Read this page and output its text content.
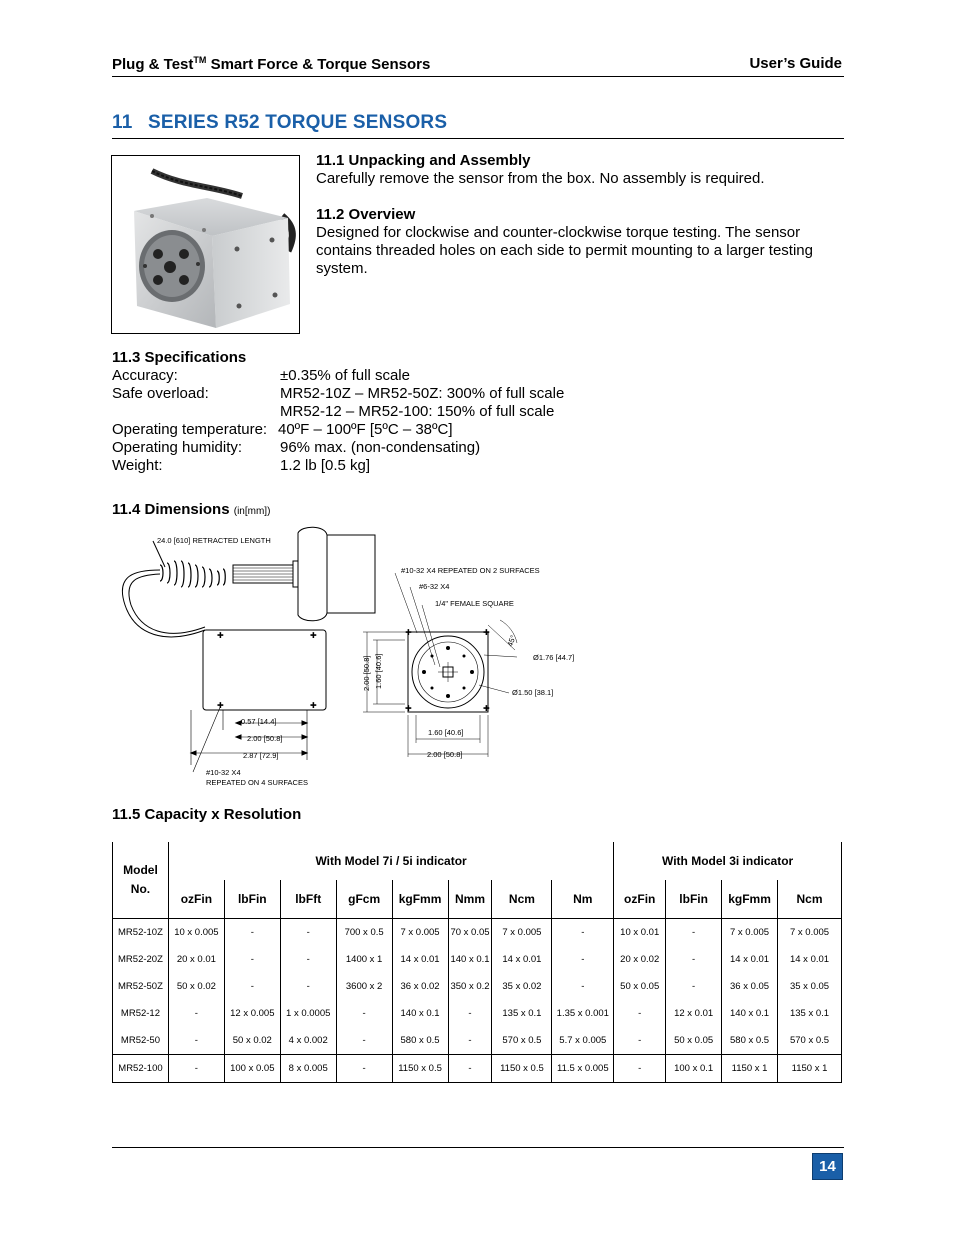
Plug & Test™ Smart Force & Torque Sensors	User’s Guide
11 SERIES R52 TORQUE SENSORS
11.1 Unpacking and Assembly
Carefully remove the sensor from the box. No assembly is required.
11.2 Overview
Designed for clockwise and counter-clockwise torque testing. The sensor contains threaded holes on each side to permit mounting to a larger testing system.
11.3 Specifications
Accuracy:	±0.35% of full scale
Safe overload:	MR52-10Z – MR52-50Z: 300% of full scale
MR52-12 – MR52-100: 150% of full scale
Operating temperature: 40ºF – 100ºF [5ºC – 38ºC]
Operating humidity:	96% max. (non-condensating)
Weight:	1.2 lb [0.5 kg]
11.4 Dimensions (in[mm])
✚	✚
✚	✚
✚	✚
✚	✚
24.0 [610] RETRACTED LENGTH
#10-32 X4 REPEATED ON 2 SURFACES
#6-32 X4
1/4" FEMALE SQUARE
45°
Ø1.76 [44.7]
Ø1.50 [38.1]
2.00 [50.8] 1.60 [40.6]
1.60 [40.6]
2.00 [50.8]
0.57 [14.4]
2.00 [50.8]
2.87 [72.9]
#10-32 X4
REPEATED ON 4 SURFACES
11.5 Capacity x Resolution
Model
No.	With Model 7i / 5i indicator								With Model 3i indicator			
	ozFin	lbFin	lbFft	gFcm	kgFmm	Nmm	Ncm	Nm	ozFin	lbFin	kgFmm	Ncm
MR52-10Z	10 x 0.005	-	-	700 x 0.5	7 x 0.005	70 x 0.05	7 x 0.005	-	10 x 0.01	-	7 x 0.005	7 x 0.005
MR52-20Z	20 x 0.01	-	-	1400 x 1	14 x 0.01	140 x 0.1	14 x 0.01	-	20 x 0.02	-	14 x 0.01	14 x 0.01
MR52-50Z	50 x 0.02	-	-	3600 x 2	36 x 0.02	350 x 0.2	35 x 0.02	-	50 x 0.05	-	36 x 0.05	35 x 0.05
MR52-12	-	12 x 0.005	1 x 0.0005	-	140 x 0.1	-	135 x 0.1	1.35 x 0.001	-	12 x 0.01	140 x 0.1	135 x 0.1
MR52-50	-	50 x 0.02	4 x 0.002	-	580 x 0.5	-	570 x 0.5	5.7 x 0.005	-	50 x 0.05	580 x 0.5	570 x 0.5
MR52-100	-	100 x 0.05	8 x 0.005	-	1150 x 0.5	-	1150 x 0.5	11.5 x 0.005	-	100 x 0.1	1150 x 1	1150 x 1
14
